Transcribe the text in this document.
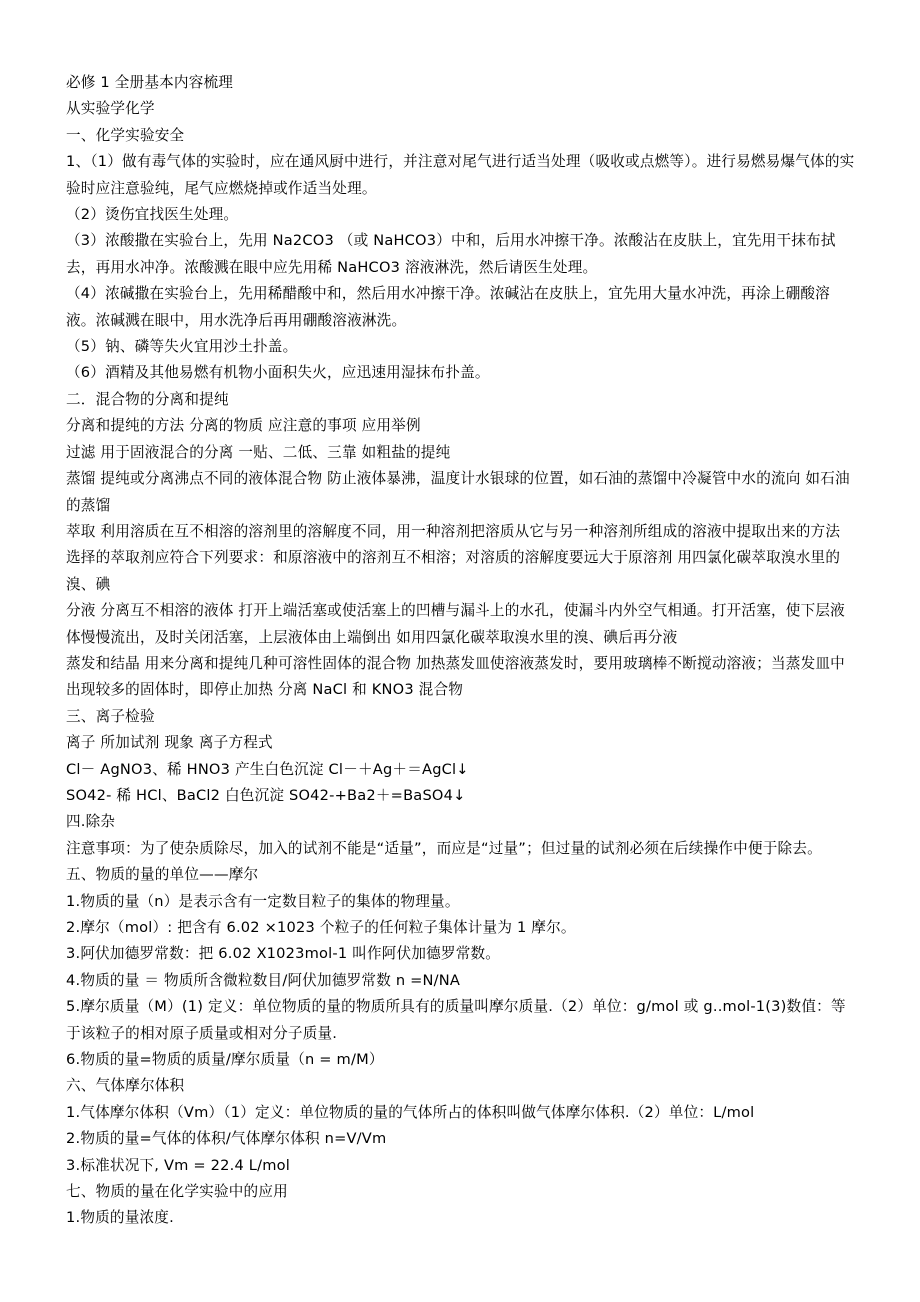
必修 1 全册基本内容梳理

从实验学化学

一、化学实验安全

1、（1）做有毒气体的实验时，应在通风厨中进行，并注意对尾气进行适当处理（吸收或点燃等）。进行易燃易爆气体的实验时应注意验纯，尾气应燃烧掉或作适当处理。

（2）烫伤宜找医生处理。

（3）浓酸撒在实验台上，先用 Na2CO3 （或 NaHCO3）中和，后用水冲擦干净。浓酸沾在皮肤上，宜先用干抹布拭去，再用水冲净。浓酸溅在眼中应先用稀 NaHCO3 溶液淋洗，然后请医生处理。

（4）浓碱撒在实验台上，先用稀醋酸中和，然后用水冲擦干净。浓碱沾在皮肤上，宜先用大量水冲洗，再涂上硼酸溶液。浓碱溅在眼中，用水洗净后再用硼酸溶液淋洗。

（5）钠、磷等失火宜用沙土扑盖。

（6）酒精及其他易燃有机物小面积失火，应迅速用湿抹布扑盖。

二．混合物的分离和提纯

分离和提纯的方法 分离的物质 应注意的事项 应用举例

过滤 用于固液混合的分离 一贴、二低、三靠 如粗盐的提纯

蒸馏 提纯或分离沸点不同的液体混合物 防止液体暴沸，温度计水银球的位置，如石油的蒸馏中冷凝管中水的流向 如石油的蒸馏

萃取 利用溶质在互不相溶的溶剂里的溶解度不同，用一种溶剂把溶质从它与另一种溶剂所组成的溶液中提取出来的方法 选择的萃取剂应符合下列要求：和原溶液中的溶剂互不相溶；对溶质的溶解度要远大于原溶剂 用四氯化碳萃取溴水里的溴、碘

分液 分离互不相溶的液体 打开上端活塞或使活塞上的凹槽与漏斗上的水孔，使漏斗内外空气相通。打开活塞，使下层液体慢慢流出，及时关闭活塞，上层液体由上端倒出 如用四氯化碳萃取溴水里的溴、碘后再分液

蒸发和结晶 用来分离和提纯几种可溶性固体的混合物 加热蒸发皿使溶液蒸发时，要用玻璃棒不断搅动溶液；当蒸发皿中出现较多的固体时，即停止加热 分离 NaCl 和 KNO3 混合物

三、离子检验

离子 所加试剂 现象 离子方程式

Cl－ AgNO3、稀 HNO3 产生白色沉淀 Cl－＋Ag＋＝AgCl↓

SO42- 稀 HCl、BaCl2 白色沉淀 SO42-+Ba2＋=BaSO4↓

四.除杂

注意事项：为了使杂质除尽，加入的试剂不能是“适量”，而应是“过量”；但过量的试剂必须在后续操作中便于除去。

五、物质的量的单位——摩尔

1.物质的量（n）是表示含有一定数目粒子的集体的物理量。

2.摩尔（mol）: 把含有 6.02 ×1023 个粒子的任何粒子集体计量为 1 摩尔。

3.阿伏加德罗常数：把 6.02 X1023mol-1 叫作阿伏加德罗常数。

4.物质的量 ＝ 物质所含微粒数目/阿伏加德罗常数 n =N/NA

5.摩尔质量（M）(1) 定义：单位物质的量的物质所具有的质量叫摩尔质量.（2）单位：g/mol 或 g..mol-1(3)数值：等于该粒子的相对原子质量或相对分子质量.

6.物质的量=物质的质量/摩尔质量（n = m/M）

六、气体摩尔体积

1.气体摩尔体积（Vm）（1）定义：单位物质的量的气体所占的体积叫做气体摩尔体积.（2）单位：L/mol

2.物质的量=气体的体积/气体摩尔体积 n=V/Vm

3.标准状况下, Vm = 22.4 L/mol

七、物质的量在化学实验中的应用

1.物质的量浓度.
